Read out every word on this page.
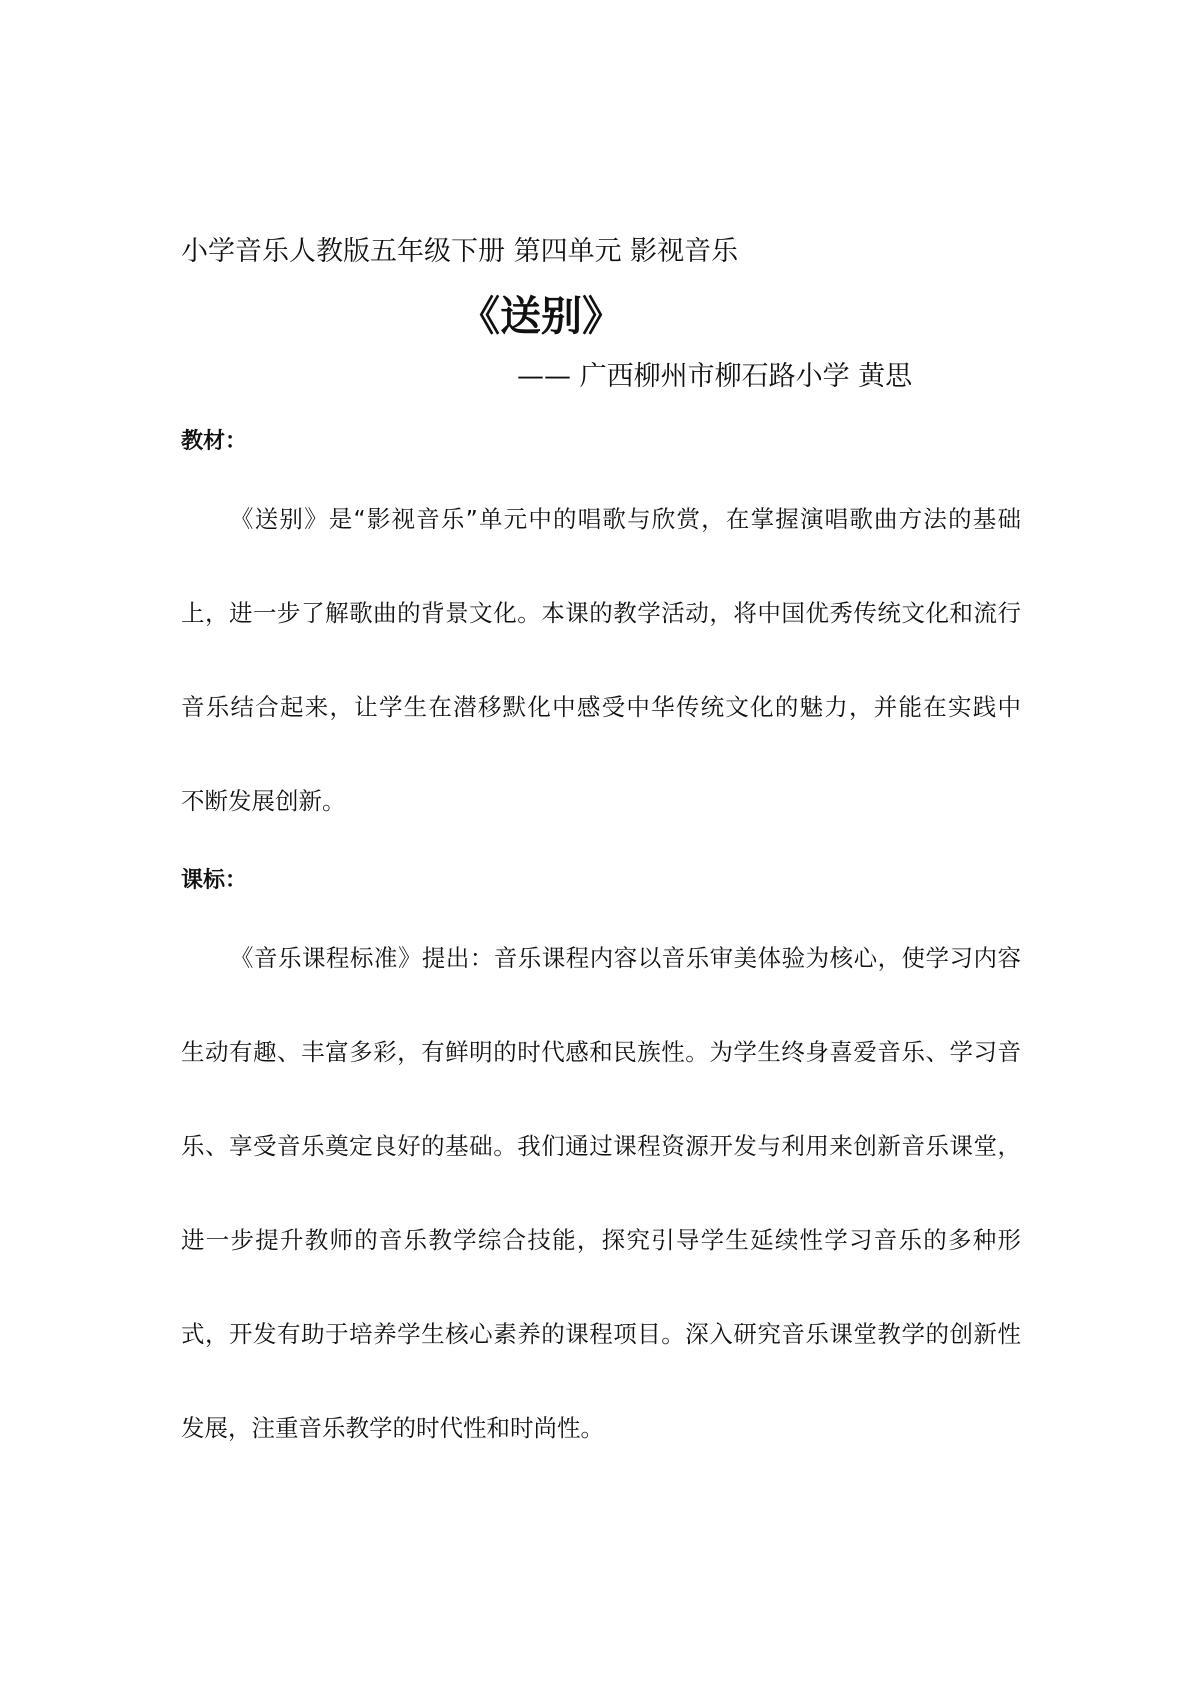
小学音乐人教版五年级下册 第四单元 影视音乐
《送别》
—— 广西柳州市柳石路小学 黄思
教材：
《送别》是“影视音乐”单元中的唱歌与欣赏，在掌握演唱歌曲方法的基础
上，进一步了解歌曲的背景文化。本课的教学活动，将中国优秀传统文化和流行
音乐结合起来，让学生在潜移默化中感受中华传统文化的魅力，并能在实践中
不断发展创新。
课标：
《音乐课程标准》提出：音乐课程内容以音乐审美体验为核心，使学习内容
生动有趣、丰富多彩，有鲜明的时代感和民族性。为学生终身喜爱音乐、学习音
乐、享受音乐奠定良好的基础。我们通过课程资源开发与利用来创新音乐课堂，
进一步提升教师的音乐教学综合技能，探究引导学生延续性学习音乐的多种形
式，开发有助于培养学生核心素养的课程项目。深入研究音乐课堂教学的创新性
发展，注重音乐教学的时代性和时尚性。
